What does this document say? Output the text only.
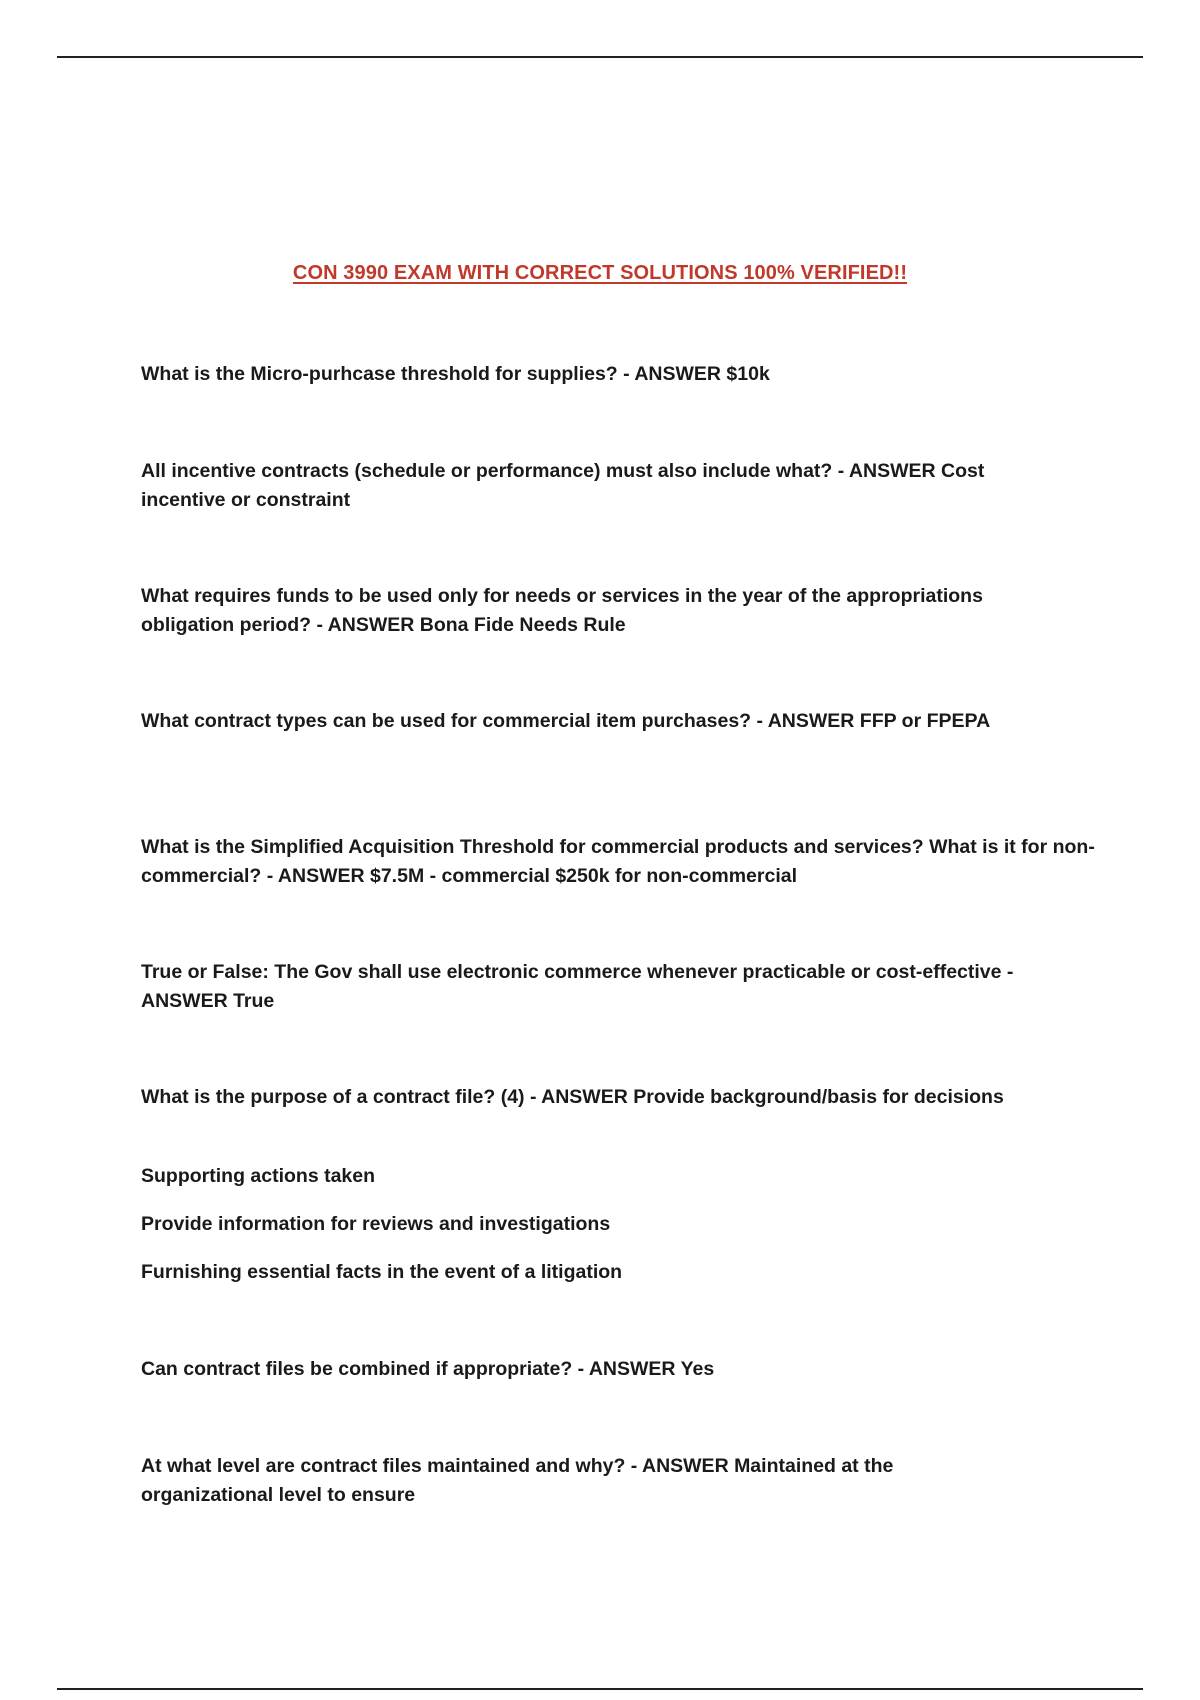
CON 3990 EXAM WITH CORRECT SOLUTIONS 100% VERIFIED!!

What is the Micro-purhcase threshold for supplies? - ANSWER $10k

All incentive contracts (schedule or performance) must also include what? - ANSWER Cost incentive or constraint

What requires funds to be used only for needs or services in the year of the appropriations obligation period? - ANSWER Bona Fide Needs Rule

What contract types can be used for commercial item purchases? - ANSWER FFP or FPEPA

What is the Simplified Acquisition Threshold for commercial products and services? What is it for non-commercial? - ANSWER $7.5M - commercial $250k for non-commercial

True or False: The Gov shall use electronic commerce whenever practicable or cost-effective - ANSWER True

What is the purpose of a contract file? (4) - ANSWER Provide background/basis for decisions

Supporting actions taken

Provide information for reviews and investigations

Furnishing essential facts in the event of a litigation

Can contract files be combined if appropriate? - ANSWER Yes

At what level are contract files maintained and why? - ANSWER Maintained at the organizational level to ensure
